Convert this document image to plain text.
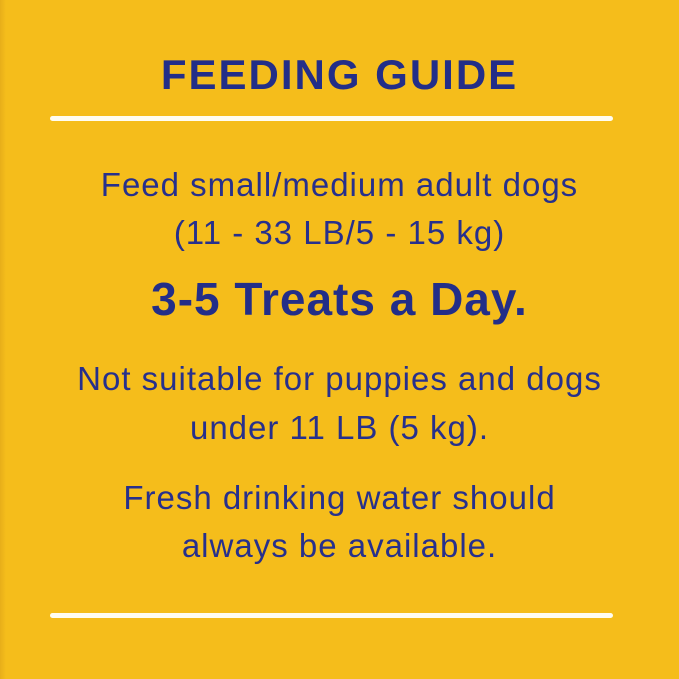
FEEDING GUIDE

Feed small/medium adult dogs
(11 - 33 LB/5 - 15 kg)

3-5 Treats a Day.

Not suitable for puppies and dogs
under 11 LB (5 kg).

Fresh drinking water should
always be available.
